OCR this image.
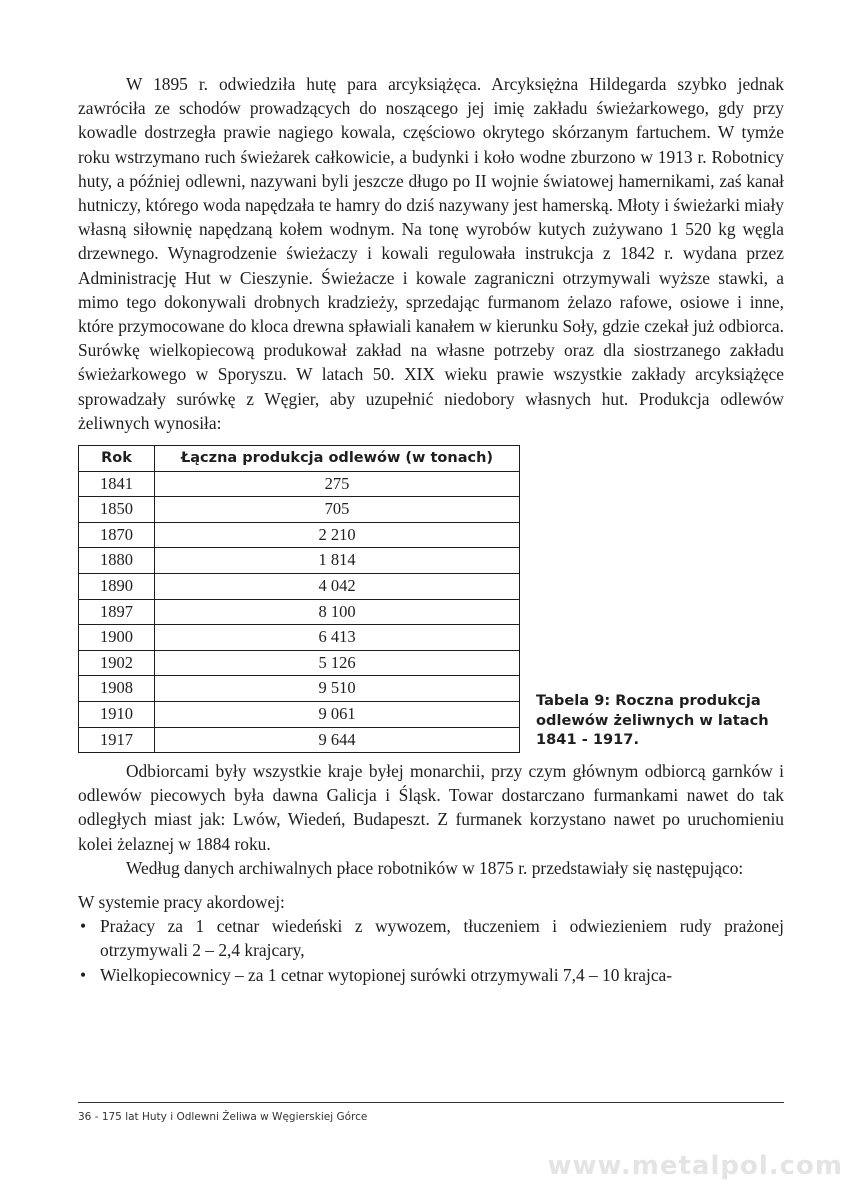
W 1895 r. odwiedziła hutę para arcyksiążęca. Arcyksiężna Hildegarda szybko jednak zawróciła ze schodów prowadzących do noszącego jej imię zakładu świeżarkowego, gdy przy kowadle dostrzegła prawie nagiego kowala, częściowo okrytego skórzanym fartuchem. W tymże roku wstrzymano ruch świeżarek całkowicie, a budynki i koło wodne zburzono w 1913 r. Robotnicy huty, a później odlewni, nazywani byli jeszcze długo po II wojnie światowej hamernikami, zaś kanał hutniczy, którego woda napędzała te hamry do dziś nazywany jest hamerską. Młoty i świeżarki miały własną siłownię napędzaną kołem wodnym. Na tonę wyrobów kutych zużywano 1 520 kg węgla drzewnego. Wynagrodzenie świeżaczy i kowali regulowała instrukcja z 1842 r. wydana przez Administrację Hut w Cieszynie. Świeżacze i kowale zagraniczni otrzymywali wyższe stawki, a mimo tego dokonywali drobnych kradzieży, sprzedając furmanom żelazo rafowe, osiowe i inne, które przymocowane do kloca drewna spławiali kanałem w kierunku Soły, gdzie czekał już odbiorca. Surówkę wielkopiecową produkował zakład na własne potrzeby oraz dla siostrzanego zakładu świeżarkowego w Sporyszu. W latach 50. XIX wieku prawie wszystkie zakłady arcyksiążęce sprowadzały surówkę z Węgier, aby uzupełnić niedobory własnych hut. Produkcja odlewów żeliwnych wynosiła:

Rok	Łączna produkcja odlewów (w tonach)
1841	275
1850	705
1870	2 210
1880	1 814
1890	4 042
1897	8 100
1900	6 413
1902	5 126
1908	9 510
1910	9 061
1917	9 644
Tabela 9: Roczna produkcja odlewów żeliwnych w latach 1841 - 1917.

Odbiorcami były wszystkie kraje byłej monarchii, przy czym głównym odbiorcą garnków i odlewów piecowych była dawna Galicja i Śląsk. Towar dostarczano furmankami nawet do tak odległych miast jak: Lwów, Wiedeń, Budapeszt. Z furmanek korzystano nawet po uruchomieniu kolei żelaznej w 1884 roku.

Według danych archiwalnych płace robotników w 1875 r. przedstawiały się następująco:

W systemie pracy akordowej:

• Prażacy za 1 cetnar wiedeński z wywozem, tłuczeniem i odwiezieniem rudy prażonej otrzymywali 2 – 2,4 krajcary,
• Wielkopiecownicy – za 1 cetnar wytopionej surówki otrzymywali 7,4 – 10 krajca-
36 - 175 lat Huty i Odlewni Żeliwa w Węgierskiej Górce
www.metalpol.com
